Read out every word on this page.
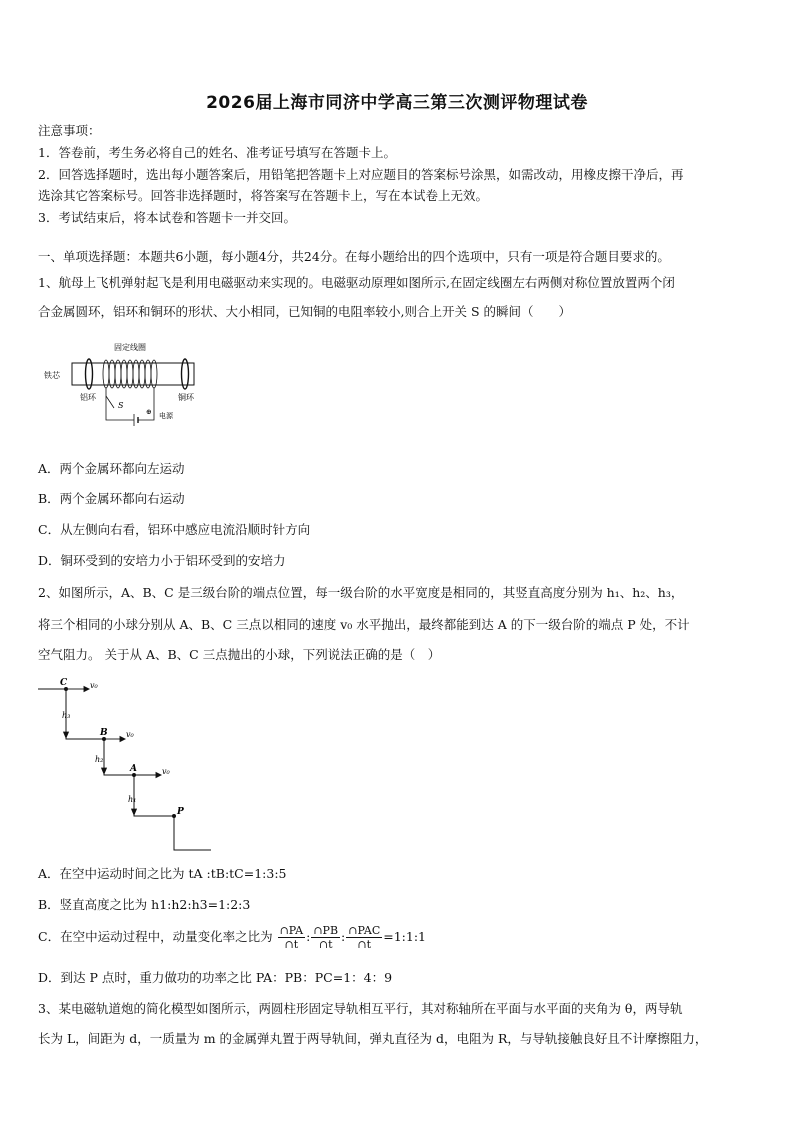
2026届上海市同济中学高三第三次测评物理试卷
注意事项：
1．答卷前，考生务必将自己的姓名、准考证号填写在答题卡上。
2．回答选择题时，选出每小题答案后，用铅笔把答题卡上对应题目的答案标号涂黑，如需改动，用橡皮擦干净后，再
选涂其它答案标号。回答非选择题时，将答案写在答题卡上，写在本试卷上无效。
3．考试结束后，将本试卷和答题卡一并交回。
一、单项选择题：本题共6小题，每小题4分，共24分。在每小题给出的四个选项中，只有一项是符合题目要求的。
1、航母上飞机弹射起飞是利用电磁驱动来实现的。电磁驱动原理如图所示,在固定线圈左右两侧对称位置放置两个闭
合金属圆环，铝环和铜环的形状、大小相同，已知铜的电阻率较小,则合上开关 S 的瞬间（　　）
固定线圈
铁芯
铝环	铜环
S
⊕ 电源
A．两个金属环都向左运动
B．两个金属环都向右运动
C．从左侧向右看，铝环中感应电流沿顺时针方向
D．铜环受到的安培力小于铝环受到的安培力
2、如图所示，A、B、C 是三级台阶的端点位置，每一级台阶的水平宽度是相同的，其竖直高度分别为 h₁、h₂、h₃，
将三个相同的小球分别从 A、B、C 三点以相同的速度 v₀ 水平抛出，最终都能到达 A 的下一级台阶的端点 P 处，不计
空气阻力。 关于从 A、B、C 三点抛出的小球，下列说法正确的是（　）
C
B
A
P
v₀
v₀
v₀
h₃
h₂
h₁
A．在空中运动时间之比为 tA :tB:tC=1:3:5
B．竖直高度之比为 h1:h2:h3=1:2:3
C．在空中运动过程中，动量变化率之比为 $\frac{\cap PA}{\cap t}$ : $\frac{\cap PB}{\cap t}$ : $\frac{\text{∩PAC}}{\cap t}$ =1:1:1
D．到达 P 点时，重力做功的功率之比 PA：PB：PC=1：4：9
3、某电磁轨道炮的简化模型如图所示，两圆柱形固定导轨相互平行，其对称轴所在平面与水平面的夹角为 θ，两导轨
长为 L，间距为 d，一质量为 m 的金属弹丸置于两导轨间，弹丸直径为 d，电阻为 R，与导轨接触良好且不计摩擦阻力，
